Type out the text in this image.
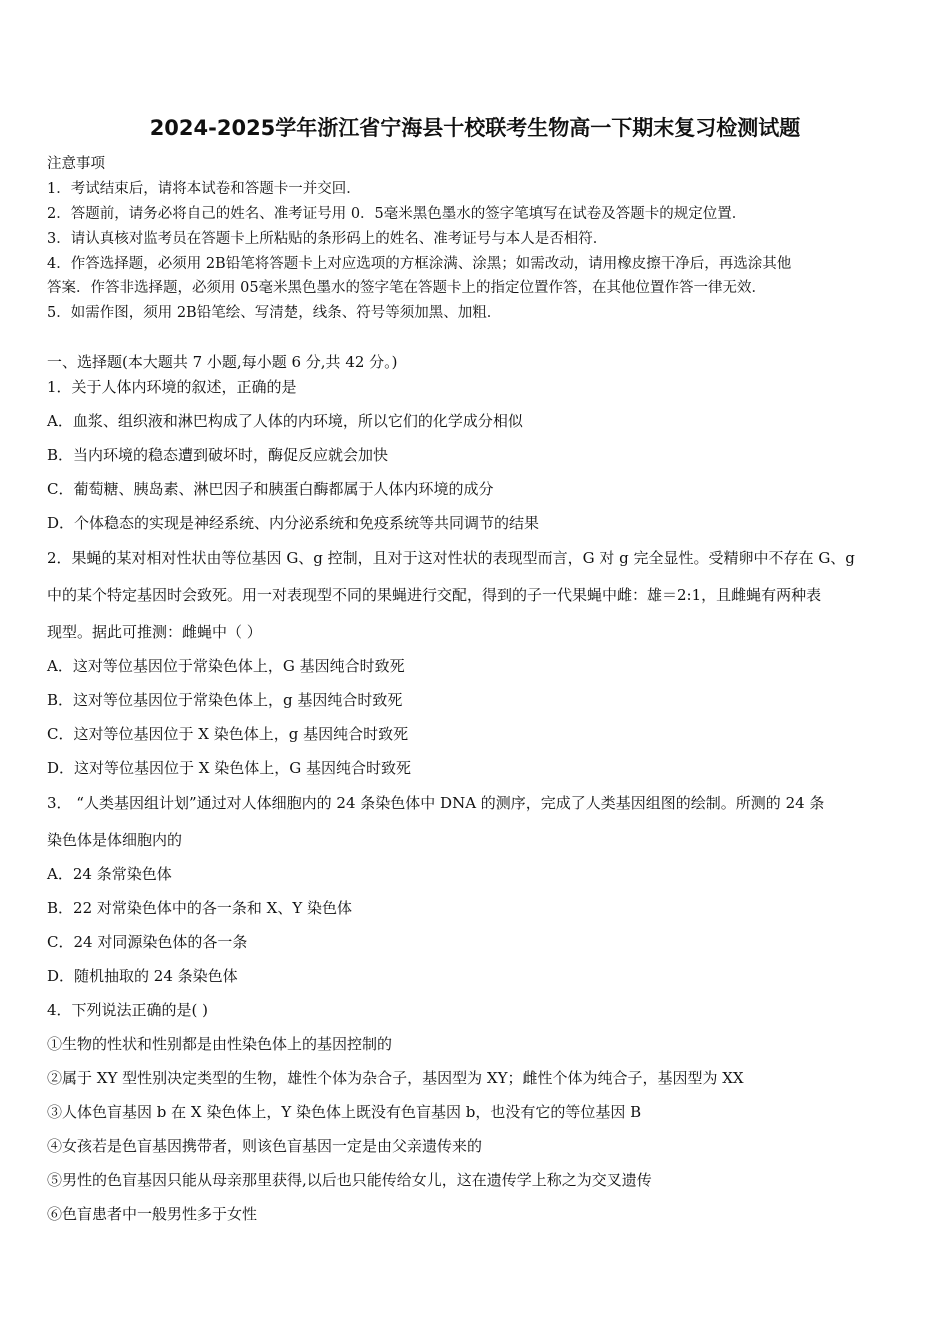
2024-2025学年浙江省宁海县十校联考生物高一下期末复习检测试题
注意事项
1．考试结束后，请将本试卷和答题卡一并交回．
2．答题前，请务必将自己的姓名、准考证号用 0．5毫米黑色墨水的签字笔填写在试卷及答题卡的规定位置．
3．请认真核对监考员在答题卡上所粘贴的条形码上的姓名、准考证号与本人是否相符．
4．作答选择题，必须用 2B铅笔将答题卡上对应选项的方框涂满、涂黑；如需改动，请用橡皮擦干净后，再选涂其他
答案．作答非选择题，必须用 05毫米黑色墨水的签字笔在答题卡上的指定位置作答，在其他位置作答一律无效．
5．如需作图，须用 2B铅笔绘、写清楚，线条、符号等须加黑、加粗．
一、选择题(本大题共 7 小题,每小题 6 分,共 42 分。)
1．关于人体内环境的叙述，正确的是
A．血浆、组织液和淋巴构成了人体的内环境，所以它们的化学成分相似
B．当内环境的稳态遭到破坏时，酶促反应就会加快
C．葡萄糖、胰岛素、淋巴因子和胰蛋白酶都属于人体内环境的成分
D．个体稳态的实现是神经系统、内分泌系统和免疫系统等共同调节的结果
2．果蝇的某对相对性状由等位基因 G、g 控制，且对于这对性状的表现型而言，G 对 g 完全显性。受精卵中不存在 G、g
中的某个特定基因时会致死。用一对表现型不同的果蝇进行交配，得到的子一代果蝇中雌：雄＝2:1，且雌蝇有两种表
现型。据此可推测：雌蝇中（ ）
A．这对等位基因位于常染色体上，G 基因纯合时致死
B．这对等位基因位于常染色体上，g 基因纯合时致死
C．这对等位基因位于 X 染色体上，g 基因纯合时致死
D．这对等位基因位于 X 染色体上，G 基因纯合时致死
3． “人类基因组计划”通过对人体细胞内的 24 条染色体中 DNA 的测序，完成了人类基因组图的绘制。所测的 24 条
染色体是体细胞内的
A．24 条常染色体
B．22 对常染色体中的各一条和 X、Y 染色体
C．24 对同源染色体的各一条
D．随机抽取的 24 条染色体
4．下列说法正确的是( )
①生物的性状和性别都是由性染色体上的基因控制的
②属于 XY 型性别决定类型的生物，雄性个体为杂合子，基因型为 XY；雌性个体为纯合子，基因型为 XX
③人体色盲基因 b 在 X 染色体上，Y 染色体上既没有色盲基因 b，也没有它的等位基因 B
④女孩若是色盲基因携带者，则该色盲基因一定是由父亲遗传来的
⑤男性的色盲基因只能从母亲那里获得,以后也只能传给女儿，这在遗传学上称之为交叉遗传
⑥色盲患者中一般男性多于女性
